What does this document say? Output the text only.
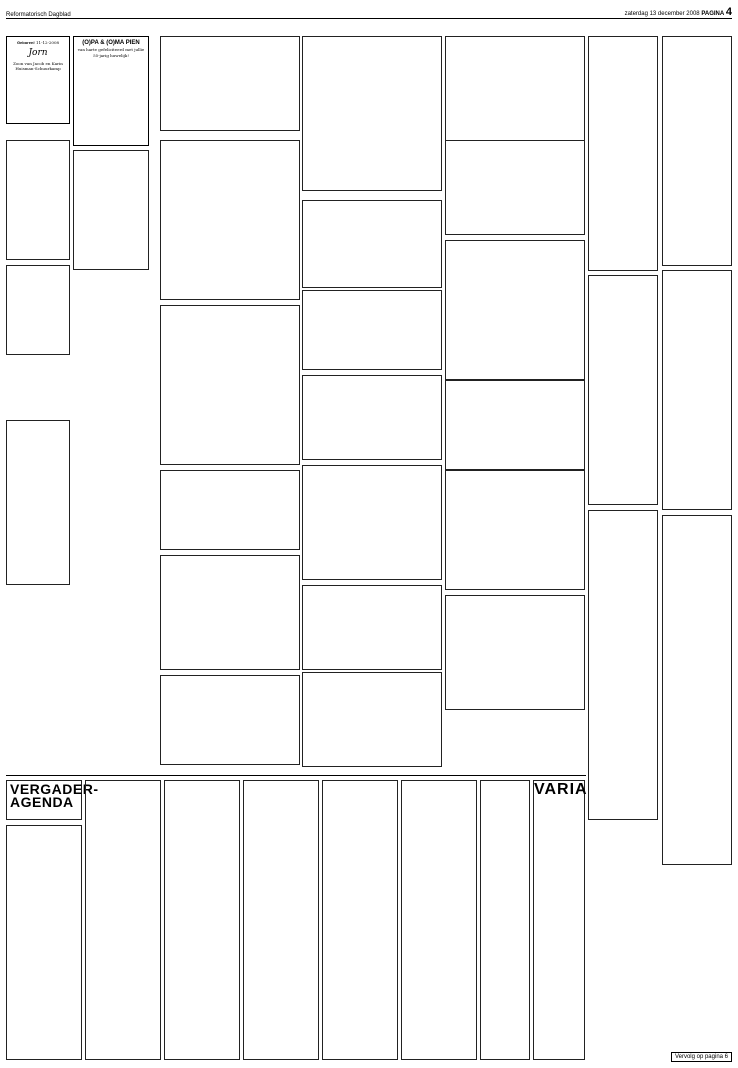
Reformatorisch Dagblad	zaterdag 13 december 2008 PAGINA 4
Geboren! 11-12-2008
Jorn
Zoon van Jacob en Karin Huisman-Schuurkamp
(O)PA & (O)MA PIEN
van harte gefeliciteerd met jullie 55-jarig huwelijk!
VERGADER-AGENDA
VARIA
Vervolg op pagina 6
